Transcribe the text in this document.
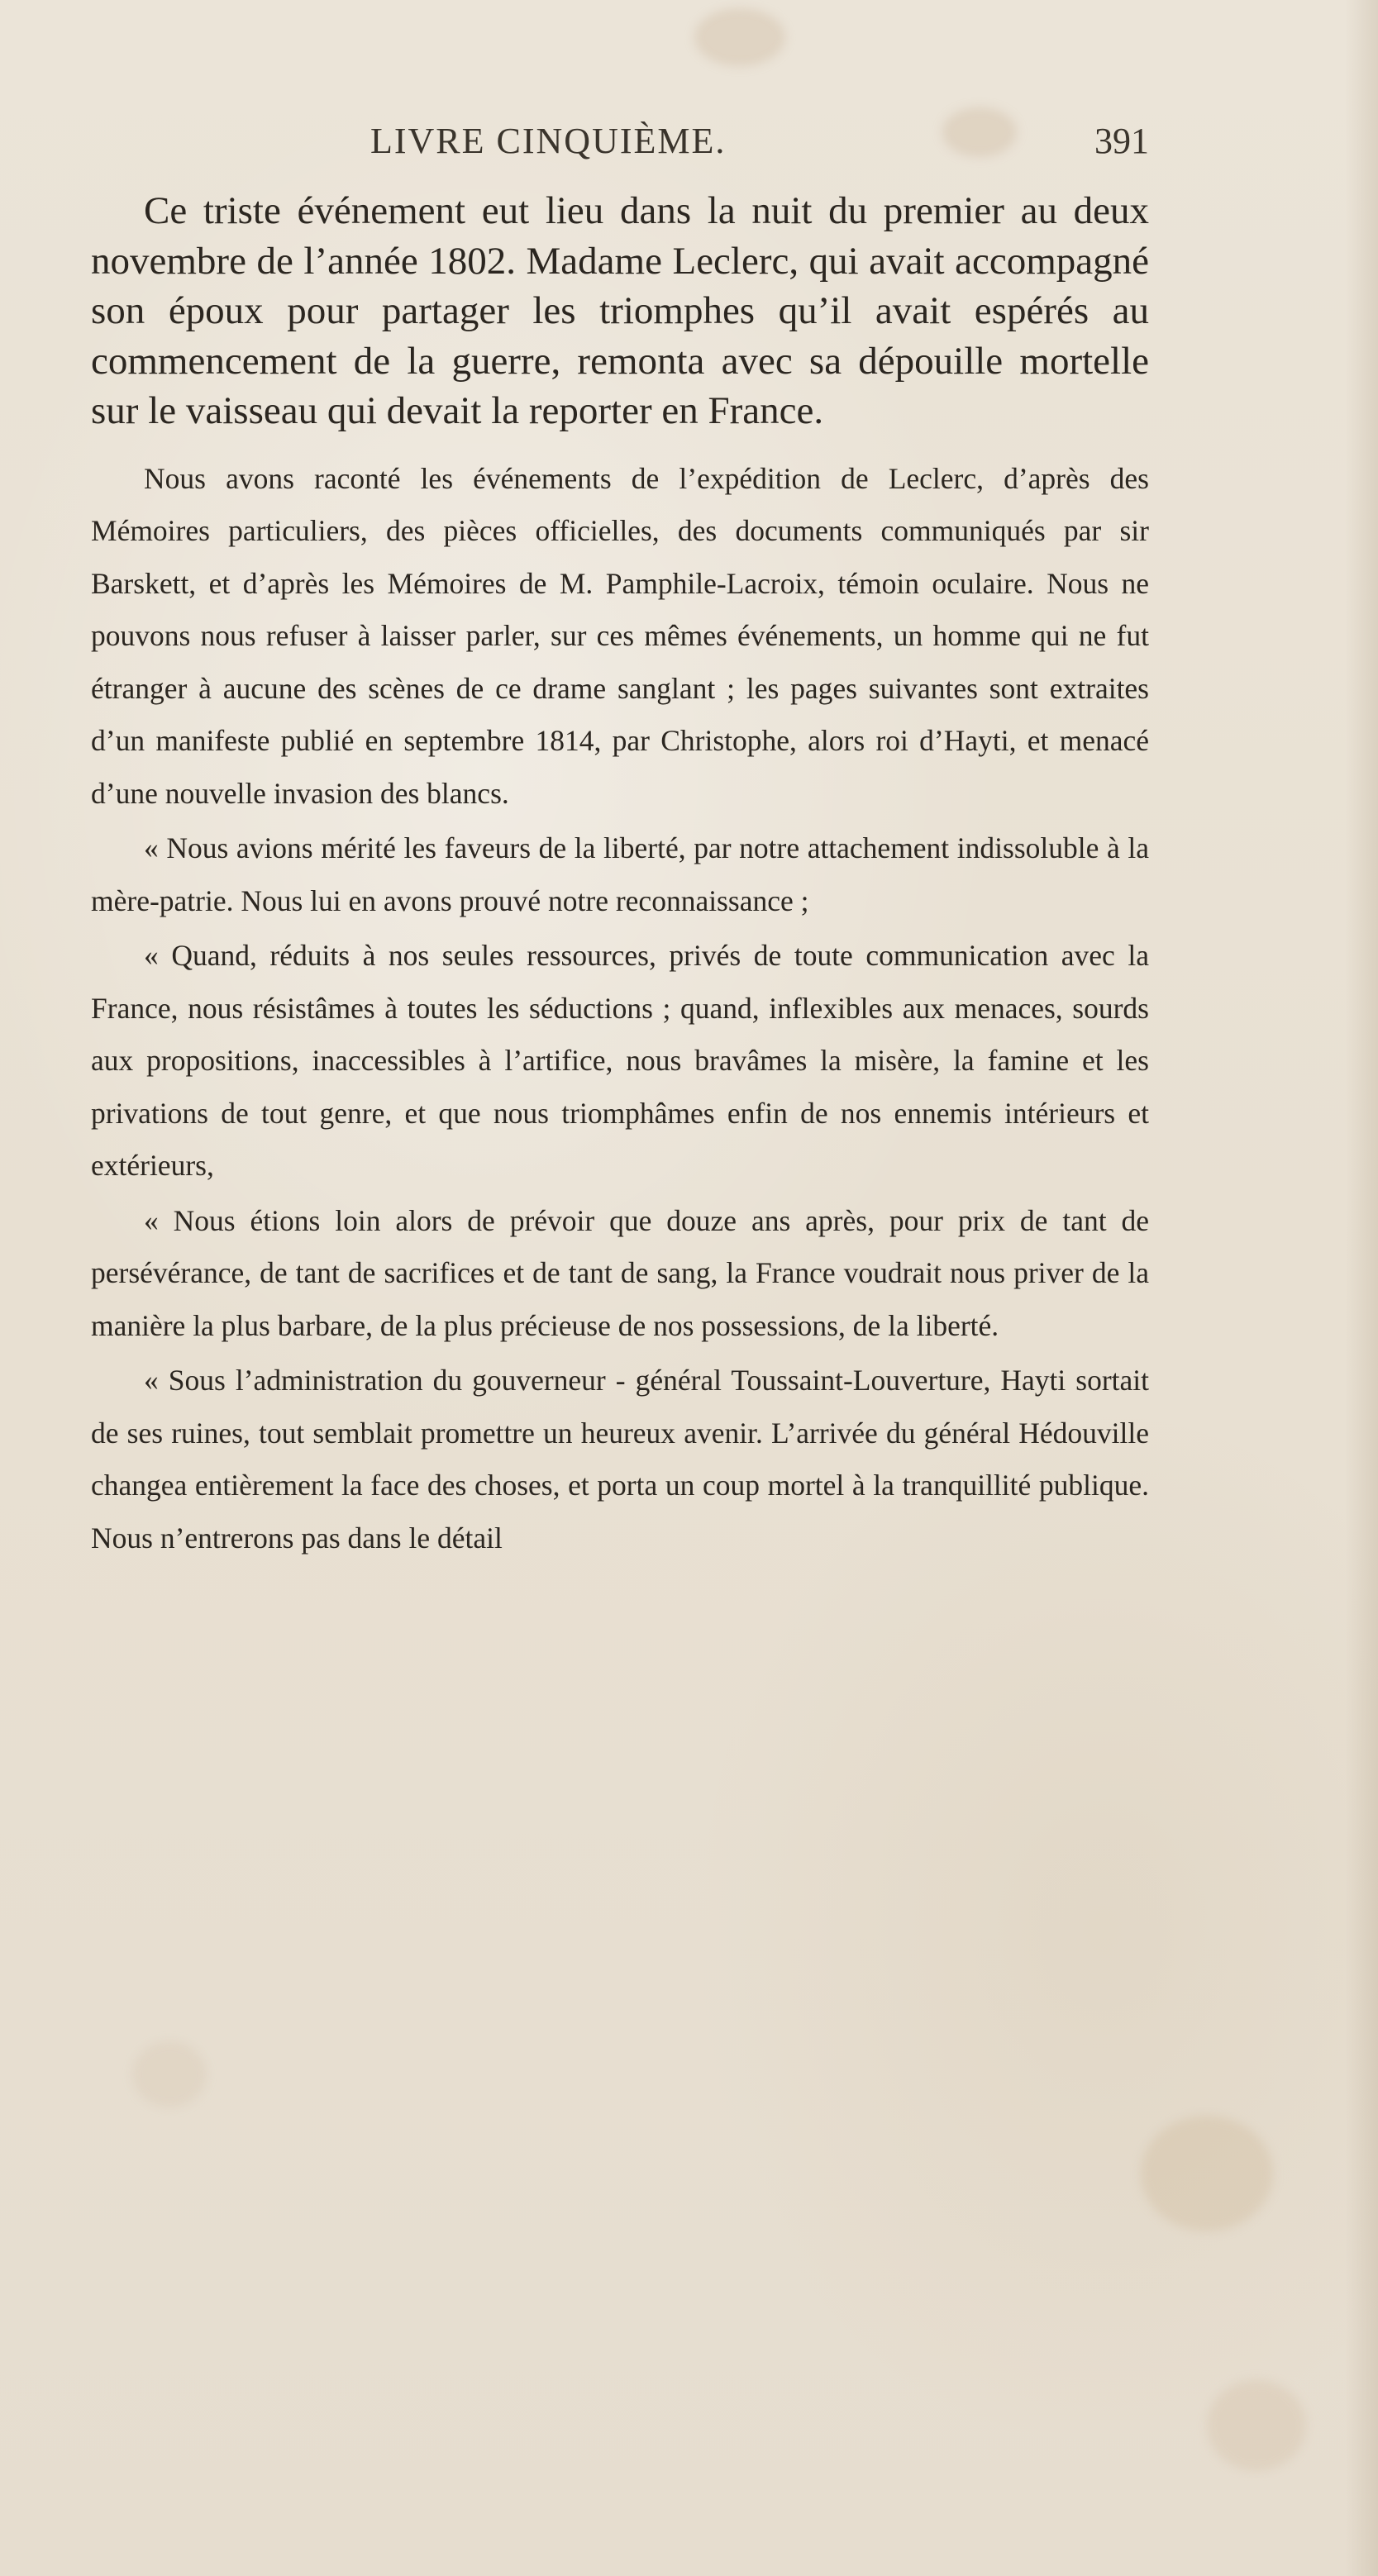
LIVRE CINQUIÈME.	391

Ce triste événement eut lieu dans la nuit du premier au deux novembre de l’année 1802. Madame Leclerc, qui avait accompagné son époux pour partager les triomphes qu’il avait espérés au commencement de la guerre, remonta avec sa dépouille mortelle sur le vaisseau qui devait la reporter en France.

Nous avons raconté les événements de l’expédition de Leclerc, d’après des Mémoires particuliers, des pièces officielles, des documents communiqués par sir Barskett, et d’après les Mémoires de M. Pamphile-Lacroix, témoin oculaire. Nous ne pouvons nous refuser à laisser parler, sur ces mêmes événements, un homme qui ne fut étranger à aucune des scènes de ce drame sanglant ; les pages suivantes sont extraites d’un manifeste publié en septembre 1814, par Christophe, alors roi d’Hayti, et menacé d’une nouvelle invasion des blancs.

« Nous avions mérité les faveurs de la liberté, par notre attachement indissoluble à la mère-patrie. Nous lui en avons prouvé notre reconnaissance ;

« Quand, réduits à nos seules ressources, privés de toute communication avec la France, nous résistâmes à toutes les séductions ; quand, inflexibles aux menaces, sourds aux propositions, inaccessibles à l’artifice, nous bravâmes la misère, la famine et les privations de tout genre, et que nous triomphâmes enfin de nos ennemis intérieurs et extérieurs,

« Nous étions loin alors de prévoir que douze ans après, pour prix de tant de persévérance, de tant de sacrifices et de tant de sang, la France voudrait nous priver de la manière la plus barbare, de la plus précieuse de nos possessions, de la liberté.

« Sous l’administration du gouverneur - général Toussaint-Louverture, Hayti sortait de ses ruines, tout semblait promettre un heureux avenir. L’arrivée du général Hédouville changea entièrement la face des choses, et porta un coup mortel à la tranquillité publique. Nous n’entrerons pas dans le détail
